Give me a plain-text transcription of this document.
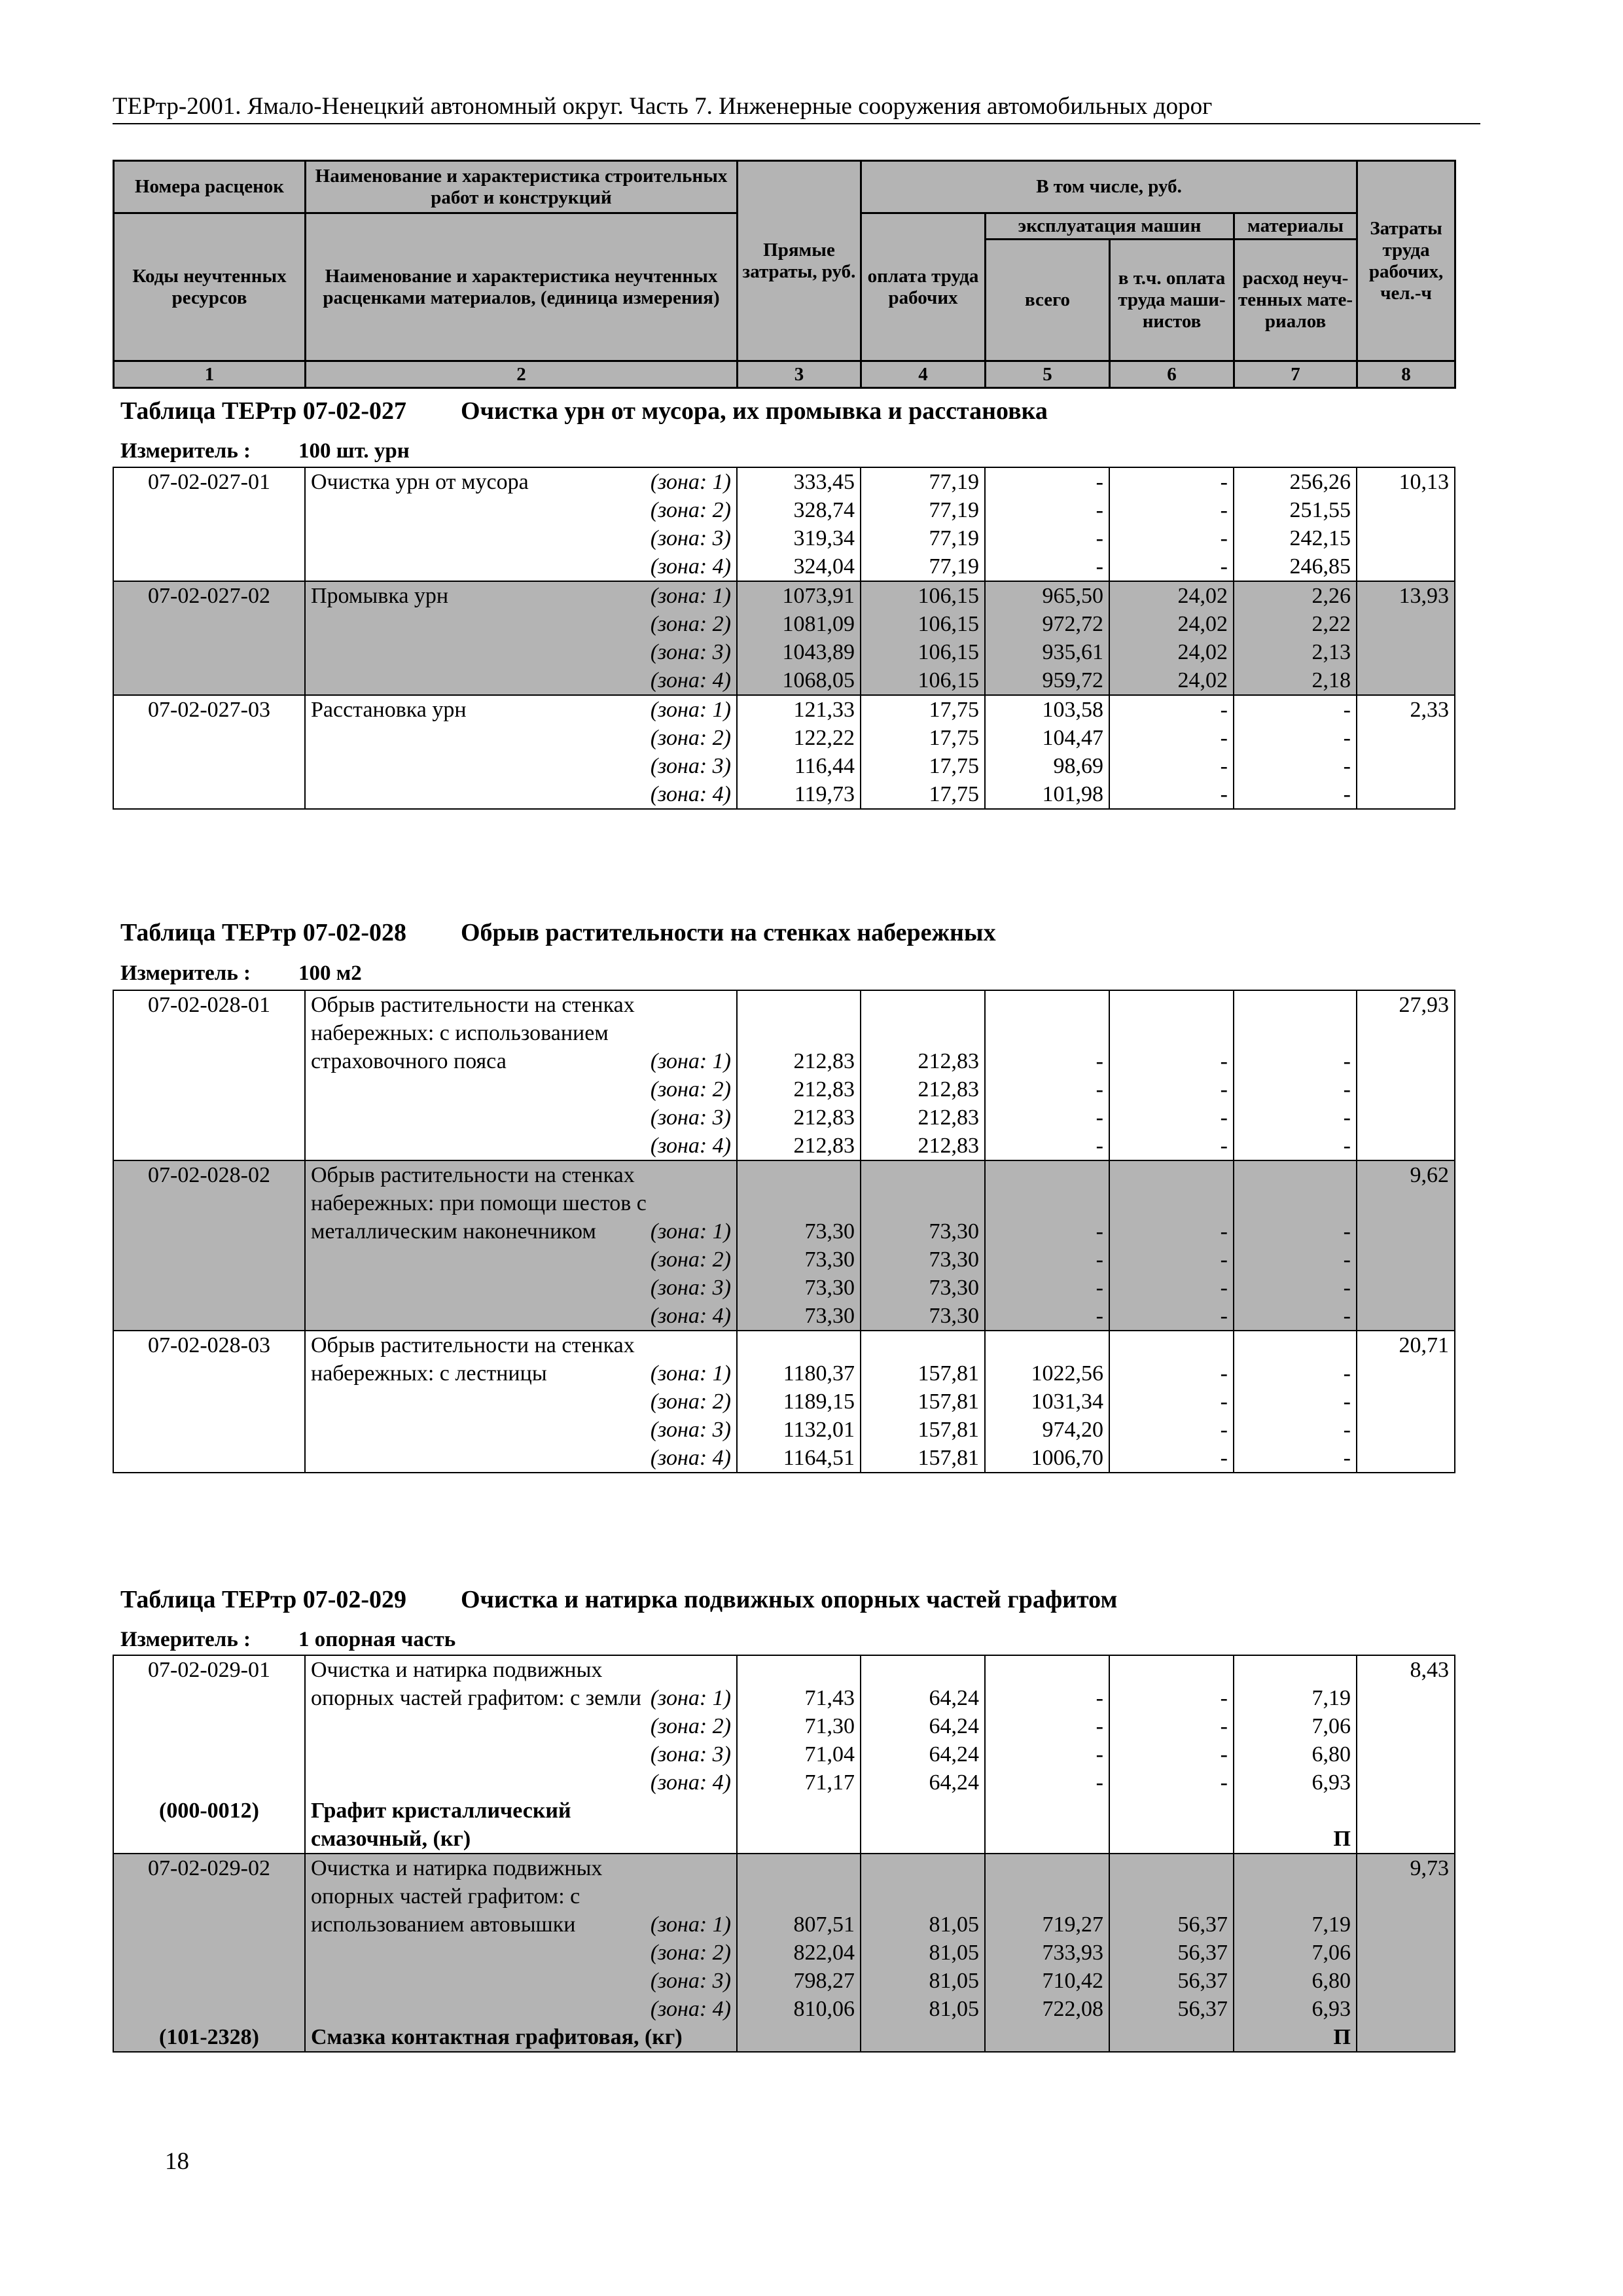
ТЕРтр-2001. Ямало-Ненецкий автономный округ. Часть 7. Инженерные сооружения автомобильных дорог
Номера расценок	Наименование и характеристика строительных работ и конструкций	Прямые затраты, руб.	В том числе, руб.				Затраты труда рабочих, чел.-ч
Коды неучтенных ресурсов	Наименование и характеристика неучтенных расценками материалов, (единица измерения)		оплата труда рабочих	эксплуатация машин		материалы	
				всего	в т.ч. оплата труда маши-нистов	расход неуч-тенных мате-риалов	
1	2	3	4	5	6	7	8
Таблица ТЕРтр 07-02-027 Очистка урн от мусора, их промывка и расстановка
Измеритель : 100 шт. урн
07-02-027-01	Очистка урн от мусора (зона: 1)	333,45	77,19	-	-	256,26	10,13
	(зона: 2)	328,74	77,19	-	-	251,55	
	(зона: 3)	319,34	77,19	-	-	242,15	
	(зона: 4)	324,04	77,19	-	-	246,85	
07-02-027-02	Промывка урн (зона: 1)	1073,91	106,15	965,50	24,02	2,26	13,93
	(зона: 2)	1081,09	106,15	972,72	24,02	2,22	
	(зона: 3)	1043,89	106,15	935,61	24,02	2,13	
	(зона: 4)	1068,05	106,15	959,72	24,02	2,18	
07-02-027-03	Расстановка урн (зона: 1)	121,33	17,75	103,58	-	-	2,33
	(зона: 2)	122,22	17,75	104,47	-	-	
	(зона: 3)	116,44	17,75	98,69	-	-	
	(зона: 4)	119,73	17,75	101,98	-	-	
Таблица ТЕРтр 07-02-028 Обрыв растительности на стенках набережных
Измеритель : 100 м2
07-02-028-01	Обрыв растительности на стенках						27,93
	набережных: с использованием						
	страховочного пояса (зона: 1)	212,83	212,83	-	-	-	
	(зона: 2)	212,83	212,83	-	-	-	
	(зона: 3)	212,83	212,83	-	-	-	
	(зона: 4)	212,83	212,83	-	-	-	
07-02-028-02	Обрыв растительности на стенках						9,62
	набережных: при помощи шестов с						
	металлическим наконечником (зона: 1)	73,30	73,30	-	-	-	
	(зона: 2)	73,30	73,30	-	-	-	
	(зона: 3)	73,30	73,30	-	-	-	
	(зона: 4)	73,30	73,30	-	-	-	
07-02-028-03	Обрыв растительности на стенках						20,71
	набережных: с лестницы (зона: 1)	1180,37	157,81	1022,56	-	-	
	(зона: 2)	1189,15	157,81	1031,34	-	-	
	(зона: 3)	1132,01	157,81	974,20	-	-	
	(зона: 4)	1164,51	157,81	1006,70	-	-	
Таблица ТЕРтр 07-02-029 Очистка и натирка подвижных опорных частей графитом
Измеритель : 1 опорная часть
07-02-029-01	Очистка и натирка подвижных						8,43
	опорных частей графитом: с земли (зона: 1)	71,43	64,24	-	-	7,19	
	(зона: 2)	71,30	64,24	-	-	7,06	
	(зона: 3)	71,04	64,24	-	-	6,80	
	(зона: 4)	71,17	64,24	-	-	6,93	
(000-0012)	Графит кристаллический						
	смазочный, (кг)					П	
07-02-029-02	Очистка и натирка подвижных						9,73
	опорных частей графитом: с						
	использованием автовышки (зона: 1)	807,51	81,05	719,27	56,37	7,19	
	(зона: 2)	822,04	81,05	733,93	56,37	7,06	
	(зона: 3)	798,27	81,05	710,42	56,37	6,80	
	(зона: 4)	810,06	81,05	722,08	56,37	6,93	
(101-2328)	Смазка контактная графитовая, (кг)					П	
18
